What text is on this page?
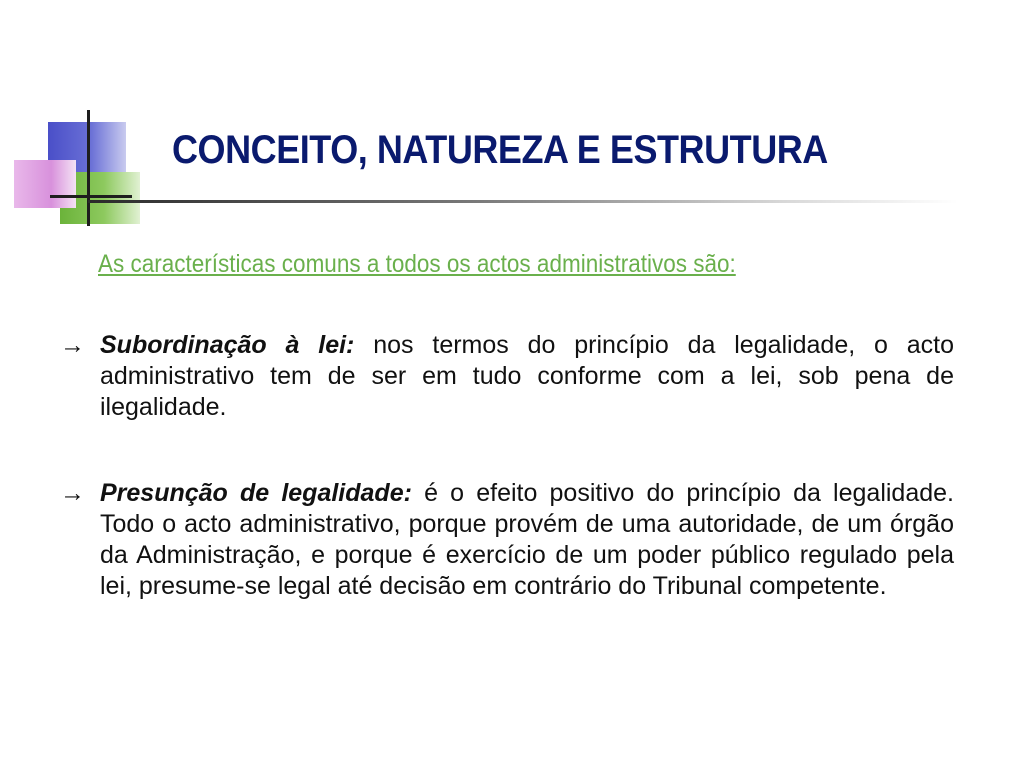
CONCEITO, NATUREZA E ESTRUTURA
As características comuns a todos os actos administrativos são:
→ Subordinação à lei: nos termos do princípio da legalidade, o acto administrativo tem de ser em tudo conforme com a lei, sob pena de ilegalidade.
→ Presunção de legalidade: é o efeito positivo do princípio da legalidade. Todo o acto administrativo, porque provém de uma autoridade, de um órgão da Administração, e porque é exercício de um poder público regulado pela lei, presume-se legal até decisão em contrário do Tribunal competente.
